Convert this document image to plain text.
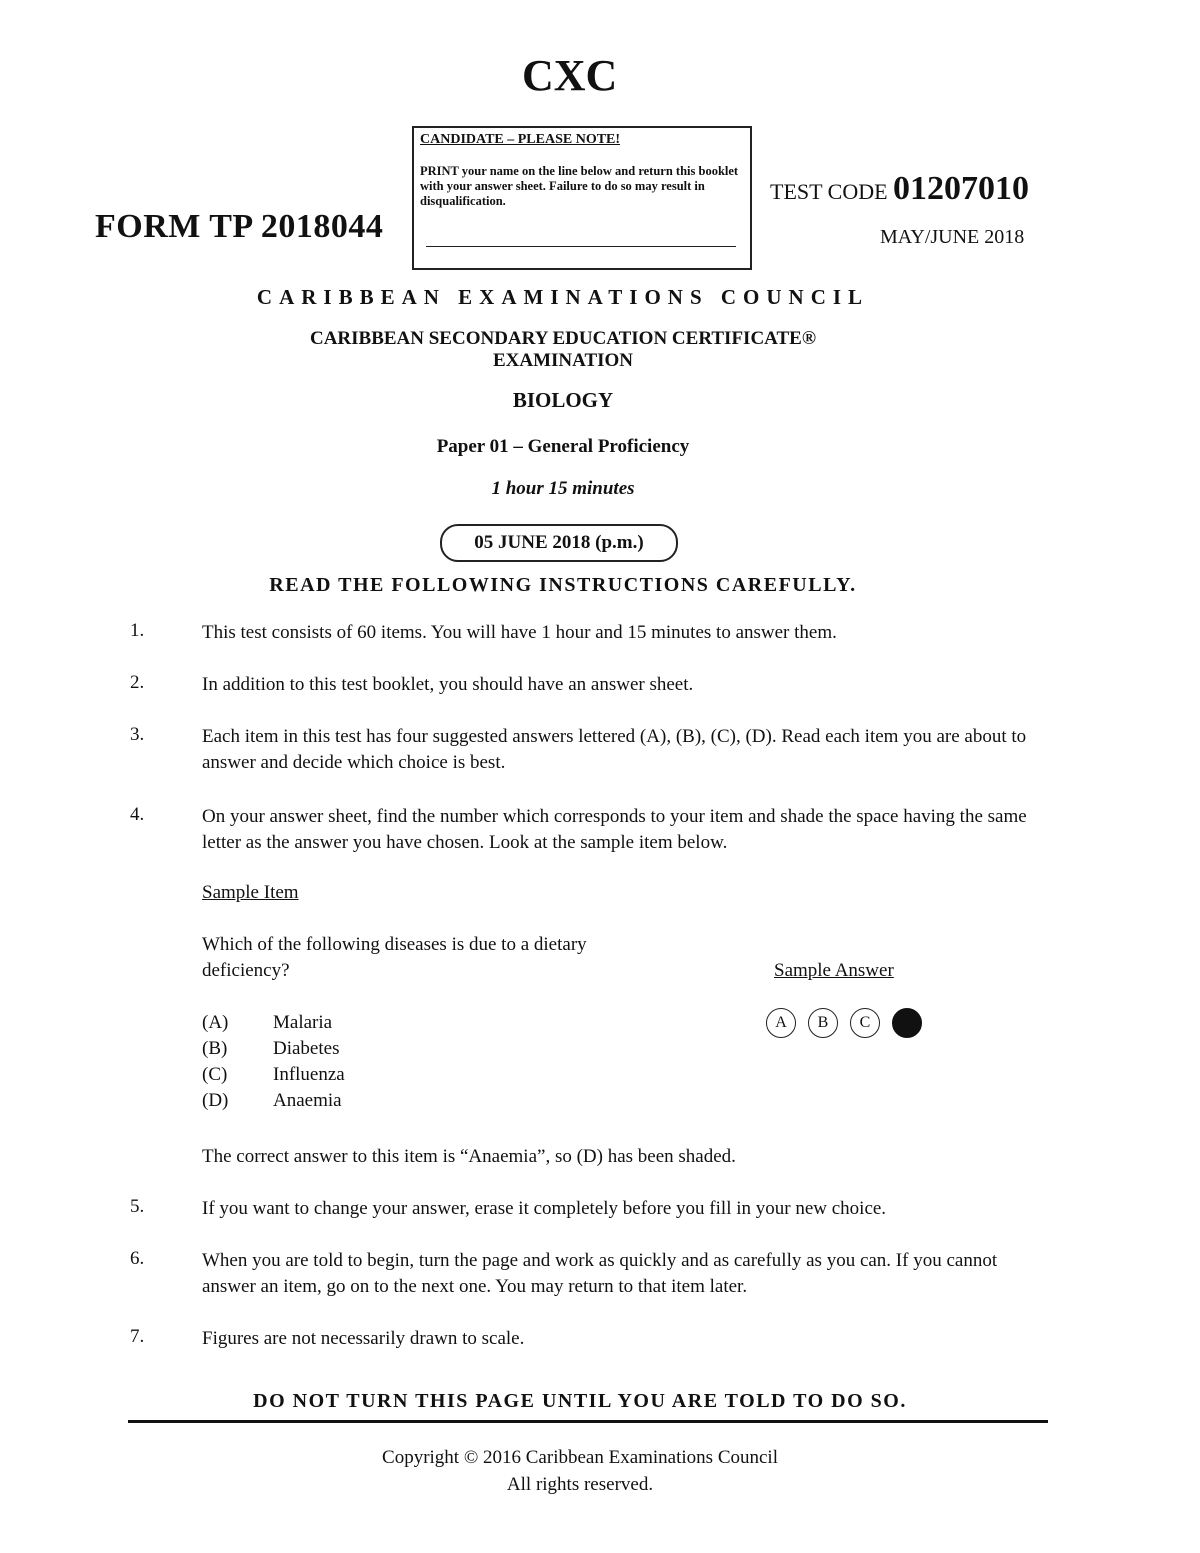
CXC
CANDIDATE – PLEASE NOTE!
PRINT your name on the line below and return this booklet with your answer sheet. Failure to do so may result in disqualification.
FORM TP 2018044
TEST CODE 01207010
MAY/JUNE 2018
CARIBBEAN EXAMINATIONS COUNCIL
CARIBBEAN SECONDARY EDUCATION CERTIFICATE®
EXAMINATION
BIOLOGY
Paper 01 – General Proficiency
1 hour 15 minutes
05 JUNE 2018 (p.m.)
READ THE FOLLOWING INSTRUCTIONS CAREFULLY.
1.	This test consists of 60 items. You will have 1 hour and 15 minutes to answer them.
2.	In addition to this test booklet, you should have an answer sheet.
3.	Each item in this test has four suggested answers lettered (A), (B), (C), (D). Read each item you are about to answer and decide which choice is best.
4.	On your answer sheet, find the number which corresponds to your item and shade the space having the same letter as the answer you have chosen. Look at the sample item below.
Sample Item
Which of the following diseases is due to a dietary deficiency?	Sample Answer
(A) Malaria
(B) Diabetes
(C) Influenza
(D) Anaemia
A	B	C
The correct answer to this item is “Anaemia”, so (D) has been shaded.
5.	If you want to change your answer, erase it completely before you fill in your new choice.
6.	When you are told to begin, turn the page and work as quickly and as carefully as you can. If you cannot answer an item, go on to the next one. You may return to that item later.
7.	Figures are not necessarily drawn to scale.
DO NOT TURN THIS PAGE UNTIL YOU ARE TOLD TO DO SO.
Copyright © 2016 Caribbean Examinations Council
All rights reserved.
